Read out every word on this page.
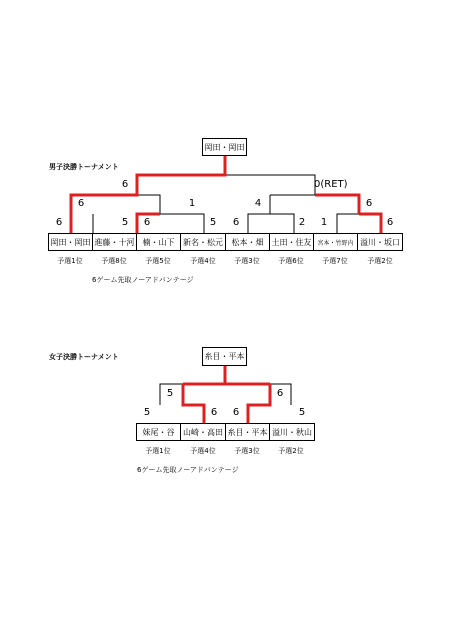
男子決勝トーナメント
岡田・岡田
6	0(RET)
6	1	4	6
6	5	6	5	6	2	1	6
岡田・岡田 進藤・十河	楠・山下	新名・松元	松本・畑	土田・住友 宮本・竹野内 溢川・坂口
予選1位	予選8位	予選5位	予選4位	予選3位	予選6位	予選7位	予選2位
6ゲーム先取ノーアドバンテージ
女子決勝トーナメント	糸目・平本
5	6
5	6	6	5
妹尾・谷	山崎・高田 糸目・平本 溢川・秋山
予選1位	予選4位	予選3位	予選2位
6ゲーム先取ノーアドバンテージ
